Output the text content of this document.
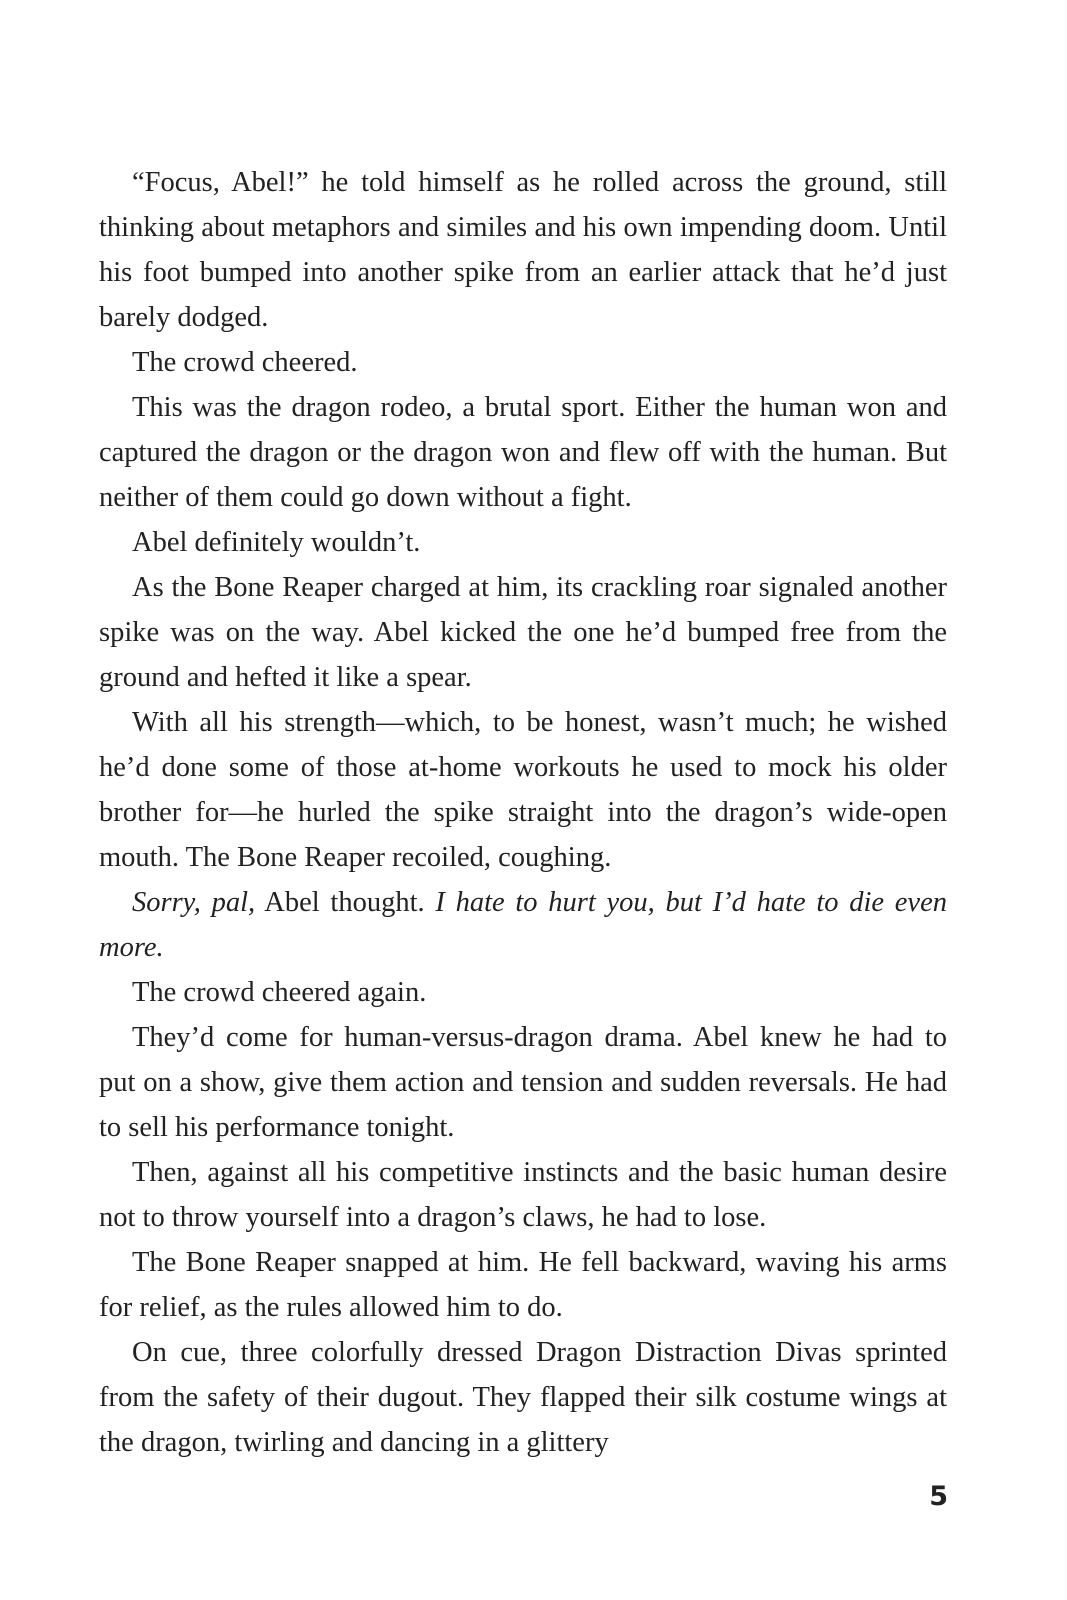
“Focus, Abel!” he told himself as he rolled across the ground, still thinking about metaphors and similes and his own impending doom. Until his foot bumped into another spike from an earlier attack that he’d just barely dodged.

The crowd cheered.

This was the dragon rodeo, a brutal sport. Either the human won and captured the dragon or the dragon won and flew off with the human. But neither of them could go down without a fight.

Abel definitely wouldn’t.

As the Bone Reaper charged at him, its crackling roar signaled another spike was on the way. Abel kicked the one he’d bumped free from the ground and hefted it like a spear.

With all his strength—which, to be honest, wasn’t much; he wished he’d done some of those at-home workouts he used to mock his older brother for—he hurled the spike straight into the dragon’s wide-open mouth. The Bone Reaper recoiled, coughing.

Sorry, pal, Abel thought. I hate to hurt you, but I’d hate to die even more.

The crowd cheered again.

They’d come for human-versus-dragon drama. Abel knew he had to put on a show, give them action and tension and sudden reversals. He had to sell his performance tonight.

Then, against all his competitive instincts and the basic human desire not to throw yourself into a dragon’s claws, he had to lose.

The Bone Reaper snapped at him. He fell backward, waving his arms for relief, as the rules allowed him to do.

On cue, three colorfully dressed Dragon Distraction Divas sprinted from the safety of their dugout. They flapped their silk costume wings at the dragon, twirling and dancing in a glittery

5
